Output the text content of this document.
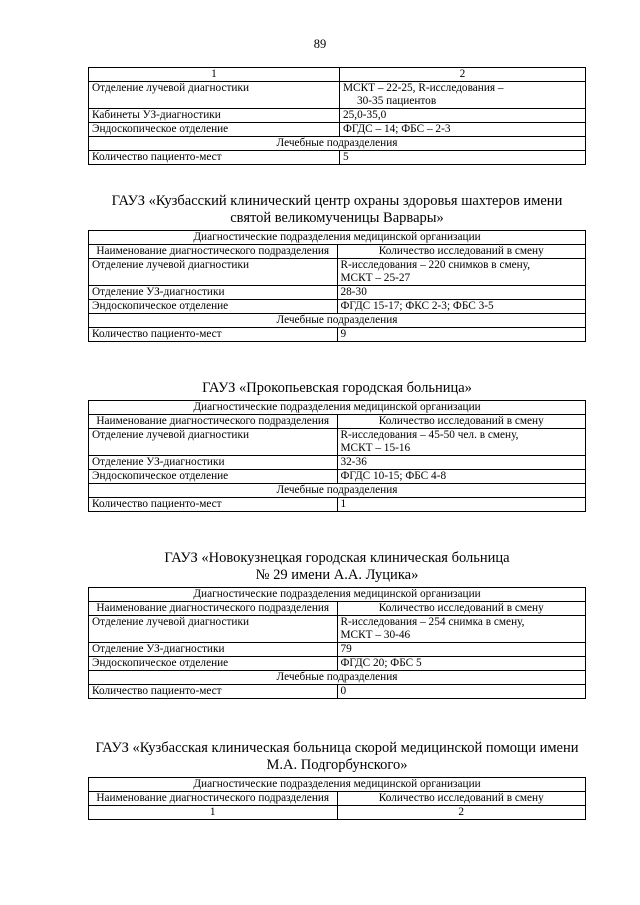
89
1	2
Отделение лучевой диагностики	МСКТ – 22-25, R-исследования –
30-35 пациентов

Кабинеты УЗ-диагностики	25,0-35,0
Эндоскопическое отделение	ФГДС – 14; ФБС – 2-3
Лечебные подразделения	
Количество пациенто-мест	5
ГАУЗ «Кузбасский клинический центр охраны здоровья шахтеров имени
святой великомученицы Варвары»
Диагностические подразделения медицинской организации	
Наименование диагностического подразделения	Количество исследований в смену
Отделение лучевой диагностики	R-исследования – 220 снимков в смену,
МСКТ – 25-27

Отделение УЗ-диагностики	28-30
Эндоскопическое отделение	ФГДС 15-17; ФКС 2-3; ФБС 3-5
Лечебные подразделения	
Количество пациенто-мест	9
ГАУЗ «Прокопьевская городская больница»
Диагностические подразделения медицинской организации	
Наименование диагностического подразделения	Количество исследований в смену
Отделение лучевой диагностики	R-исследования – 45-50 чел. в смену,
МСКТ – 15-16

Отделение УЗ-диагностики	32-36
Эндоскопическое отделение	ФГДС 10-15; ФБС 4-8
Лечебные подразделения	
Количество пациенто-мест	1
ГАУЗ «Новокузнецкая городская клиническая больница
№ 29 имени А.А. Луцика»
Диагностические подразделения медицинской организации	
Наименование диагностического подразделения	Количество исследований в смену
Отделение лучевой диагностики	R-исследования – 254 снимка в смену,
МСКТ – 30-46

Отделение УЗ-диагностики	79
Эндоскопическое отделение	ФГДС 20; ФБС 5
Лечебные подразделения	
Количество пациенто-мест	0
ГАУЗ «Кузбасская клиническая больница скорой медицинской помощи имени
М.А. Подгорбунского»
Диагностические подразделения медицинской организации	
Наименование диагностического подразделения	Количество исследований в смену
1	2
